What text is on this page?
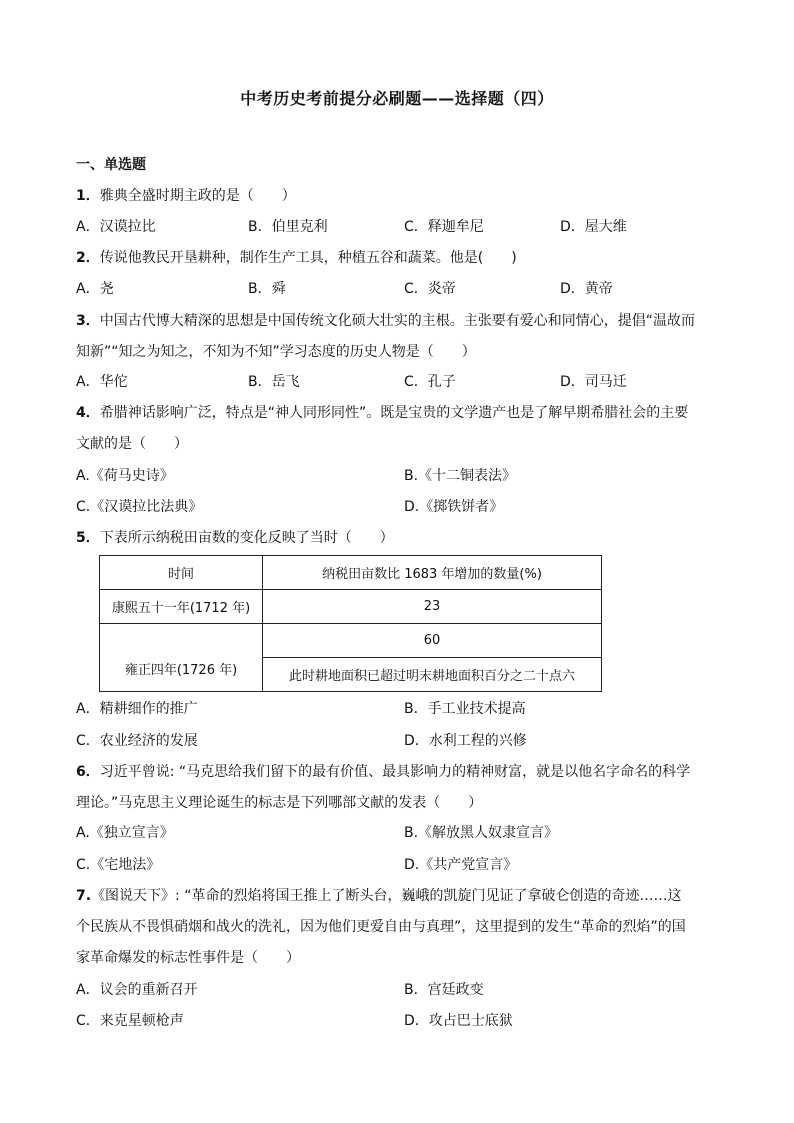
中考历史考前提分必刷题——选择题（四）
一、单选题
1．雅典全盛时期主政的是（　　）
A．汉谟拉比	B．伯里克利	C．释迦牟尼	D．屋大维
2．传说他教民开垦耕种，制作生产工具，种植五谷和蔬菜。他是(　　)
A．尧	B．舜	C．炎帝	D．黄帝
3．中国古代博大精深的思想是中国传统文化硕大壮实的主根。主张要有爱心和同情心，提倡“温故而
知新”“知之为知之，不知为不知”学习态度的历史人物是（　　）
A．华佗	B．岳飞	C．孔子	D．司马迁
4．希腊神话影响广泛，特点是“神人同形同性”。既是宝贵的文学遗产也是了解早期希腊社会的主要
文献的是（　　）
A.《荷马史诗》	B.《十二铜表法》
C.《汉谟拉比法典》	D.《掷铁饼者》
5．下表所示纳税田亩数的变化反映了当时（　　）
时间	纳税田亩数比 1683 年增加的数量(%)
康熙五十一年(1712 年)	23
雍正四年(1726 年)	60
	此时耕地面积已超过明末耕地面积百分之二十点六
A．精耕细作的推广	B．手工业技术提高
C．农业经济的发展	D．水利工程的兴修
6．习近平曾说: “马克思给我们留下的最有价值、最具影响力的精神财富，就是以他名字命名的科学
理论。”马克思主义理论诞生的标志是下列哪部文献的发表（　　）
A.《独立宣言》	B.《解放黑人奴隶宣言》
C.《宅地法》	D.《共产党宣言》
7.《图说天下》: “革命的烈焰将国王推上了断头台，巍峨的凯旋门见证了拿破仑创造的奇迹……这
个民族从不畏惧硝烟和战火的洗礼，因为他们更爱自由与真理”，这里提到的发生“革命的烈焰”的国
家革命爆发的标志性事件是（　　）
A．议会的重新召开	B．宫廷政变
C．来克星顿枪声	D．攻占巴士底狱
